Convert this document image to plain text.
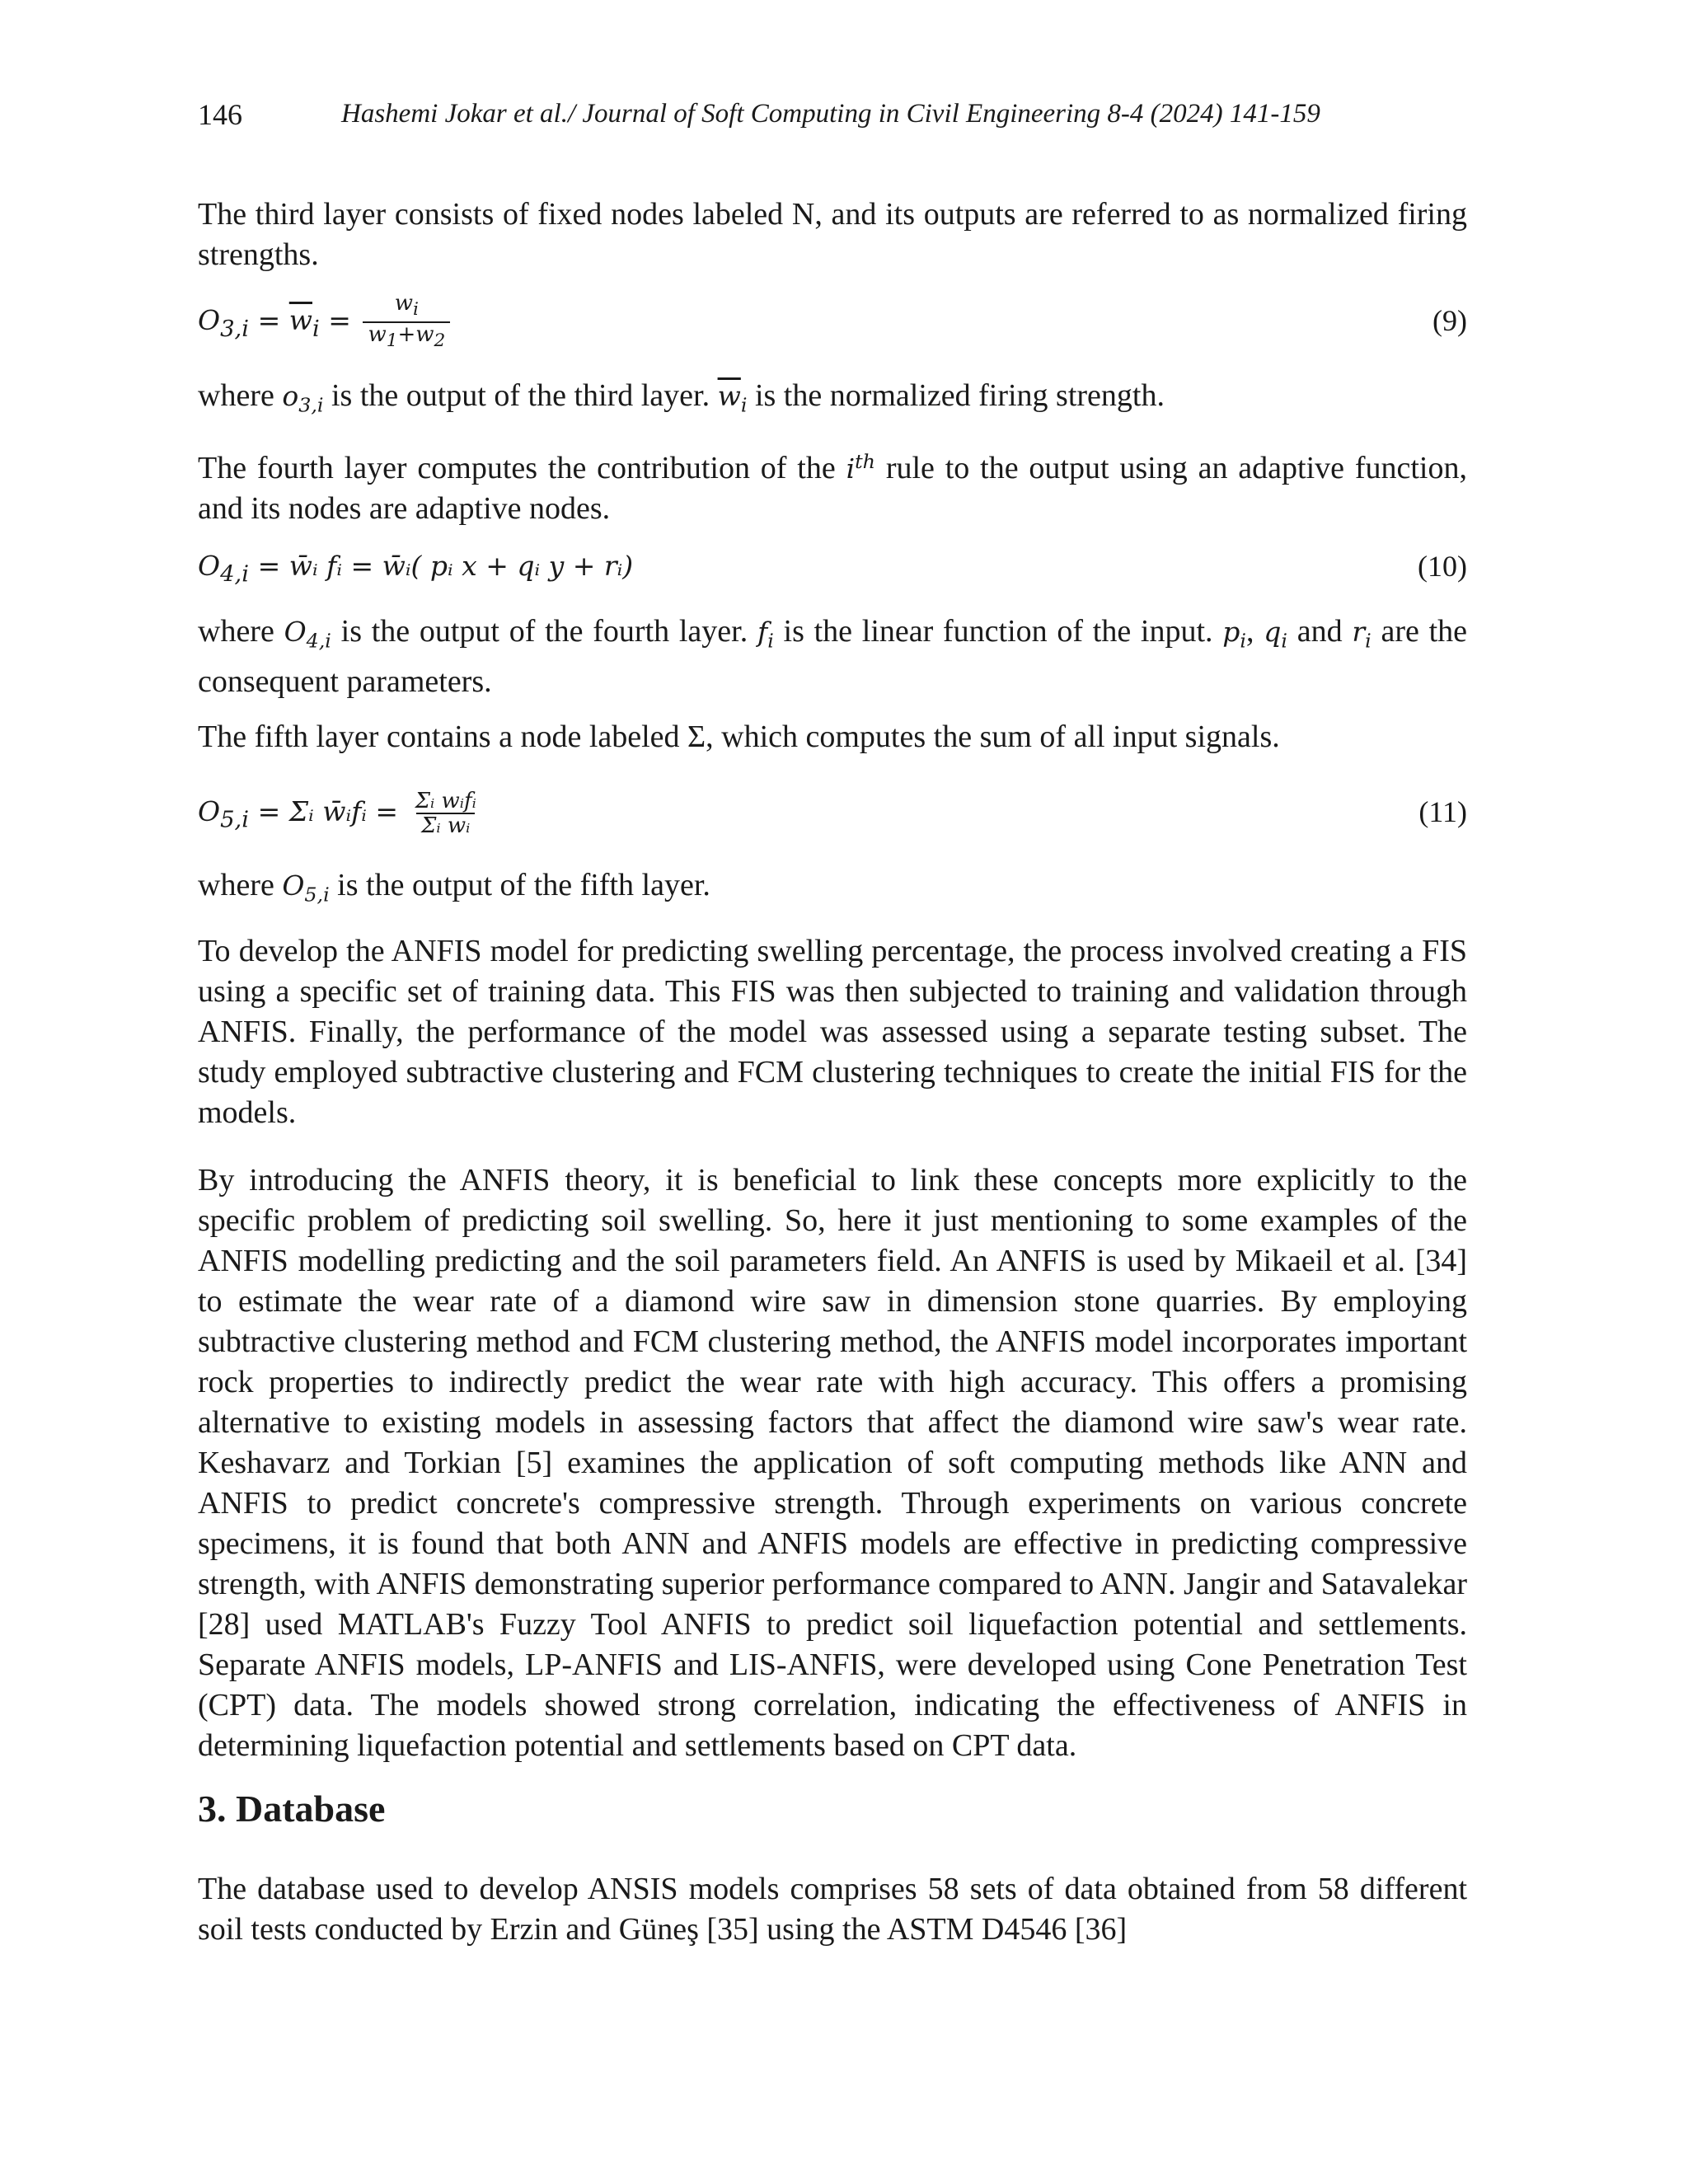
146	Hashemi Jokar et al./ Journal of Soft Computing in Civil Engineering 8-4 (2024) 141-159

The third layer consists of fixed nodes labeled N, and its outputs are referred to as normalized firing strengths.

$O_{3,i} = \overline{w}_i = \frac{w_i}{w_1+w_2}$	(9)

where $o_{3,i}$ is the output of the third layer. $\overline{w}_i$ is the normalized firing strength.

The fourth layer computes the contribution of the $i^{th}$ rule to the output using an adaptive function, and its nodes are adaptive nodes.

$O_{4,i}$ = w̄ᵢ fᵢ = w̄ᵢ( pᵢ x + qᵢ y + rᵢ)	(10)

where $O_{4,i}$ is the output of the fourth layer. $f_i$ is the linear function of the input. $p_i$, $q_i$ and $r_i$ are the consequent parameters.

The fifth layer contains a node labeled Σ, which computes the sum of all input signals.

$O_{5,i}$ = Σᵢ w̄ᵢfᵢ = $\frac{\text{Σᵢ wᵢfᵢ}}{\text{Σᵢ wᵢ}}$	(11)

where $O_{5,i}$ is the output of the fifth layer.

To develop the ANFIS model for predicting swelling percentage, the process involved creating a FIS using a specific set of training data. This FIS was then subjected to training and validation through ANFIS. Finally, the performance of the model was assessed using a separate testing subset. The study employed subtractive clustering and FCM clustering techniques to create the initial FIS for the models.

By introducing the ANFIS theory, it is beneficial to link these concepts more explicitly to the specific problem of predicting soil swelling. So, here it just mentioning to some examples of the ANFIS modelling predicting and the soil parameters field. An ANFIS is used by Mikaeil et al. [34] to estimate the wear rate of a diamond wire saw in dimension stone quarries. By employing subtractive clustering method and FCM clustering method, the ANFIS model incorporates important rock properties to indirectly predict the wear rate with high accuracy. This offers a promising alternative to existing models in assessing factors that affect the diamond wire saw's wear rate. Keshavarz and Torkian [5] examines the application of soft computing methods like ANN and ANFIS to predict concrete's compressive strength. Through experiments on various concrete specimens, it is found that both ANN and ANFIS models are effective in predicting compressive strength, with ANFIS demonstrating superior performance compared to ANN. Jangir and Satavalekar [28] used MATLAB's Fuzzy Tool ANFIS to predict soil liquefaction potential and settlements. Separate ANFIS models, LP-ANFIS and LIS-ANFIS, were developed using Cone Penetration Test (CPT) data. The models showed strong correlation, indicating the effectiveness of ANFIS in determining liquefaction potential and settlements based on CPT data.

3. Database

The database used to develop ANSIS models comprises 58 sets of data obtained from 58 different soil tests conducted by Erzin and Güneş [35] using the ASTM D4546 [36]
